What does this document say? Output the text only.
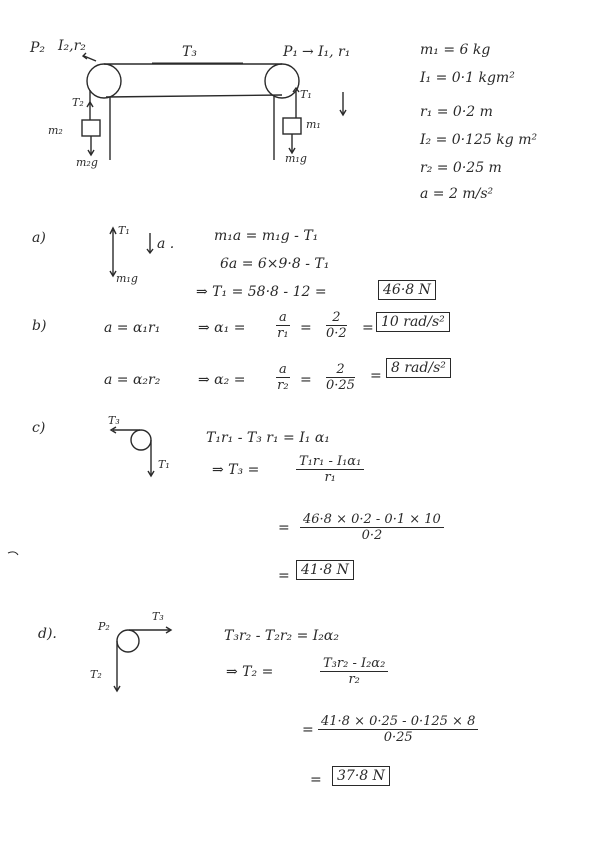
P₂ I₂,r₂	T₃	P₁ → I₁, r₁
T₂
T₁
m₂	m₁
m₂g	m₁g
m₁ = 6 kg
I₁ = 0·1 kgm²
r₁ = 0·2 m
I₂ = 0·125 kg m²
r₂ = 0·25 m
a = 2 m/s²
a)	T₁
a .
m₁g
m₁a = m₁g - T₁
6a = 6×9·8 - T₁
⇒ T₁ = 58·8 - 12 =	46·8 N
b)	a = α₁r₁	⇒ $\alpha_1 = \frac{a}{\text{r₁}} = \frac{2}{0\cdot 2} = 10$ rad/s²
a = α₂r₂	⇒ $\alpha_2 = \frac{a}{\text{r₂}} = \frac{2}{0\cdot 25} = 8$ rad/s²
c)	T₃
T₁
T₁r₁ - T₃ r₁ = I₁ α₁
⇒ T₃ =	$\frac{\text{T₁r₁ - I₁α₁}}{\text{r₁}}$
= $\frac{46\cdot 8 \times 0\cdot 2 - 0\cdot 1 \times 10}{0\cdot 2}$
= 41·8 N
d).	P₂
T₃
T₂
T₃r₂ - T₂r₂ = I₂α₂
⇒ T₂ =	$\frac{\text{T₃r₂ - I₂α₂}}{\text{r₂}}$
= $\frac{41\cdot 8 \times 0\cdot 25 - 0\cdot 125 \times 8}{0\cdot 25}$
=	37·8 N
